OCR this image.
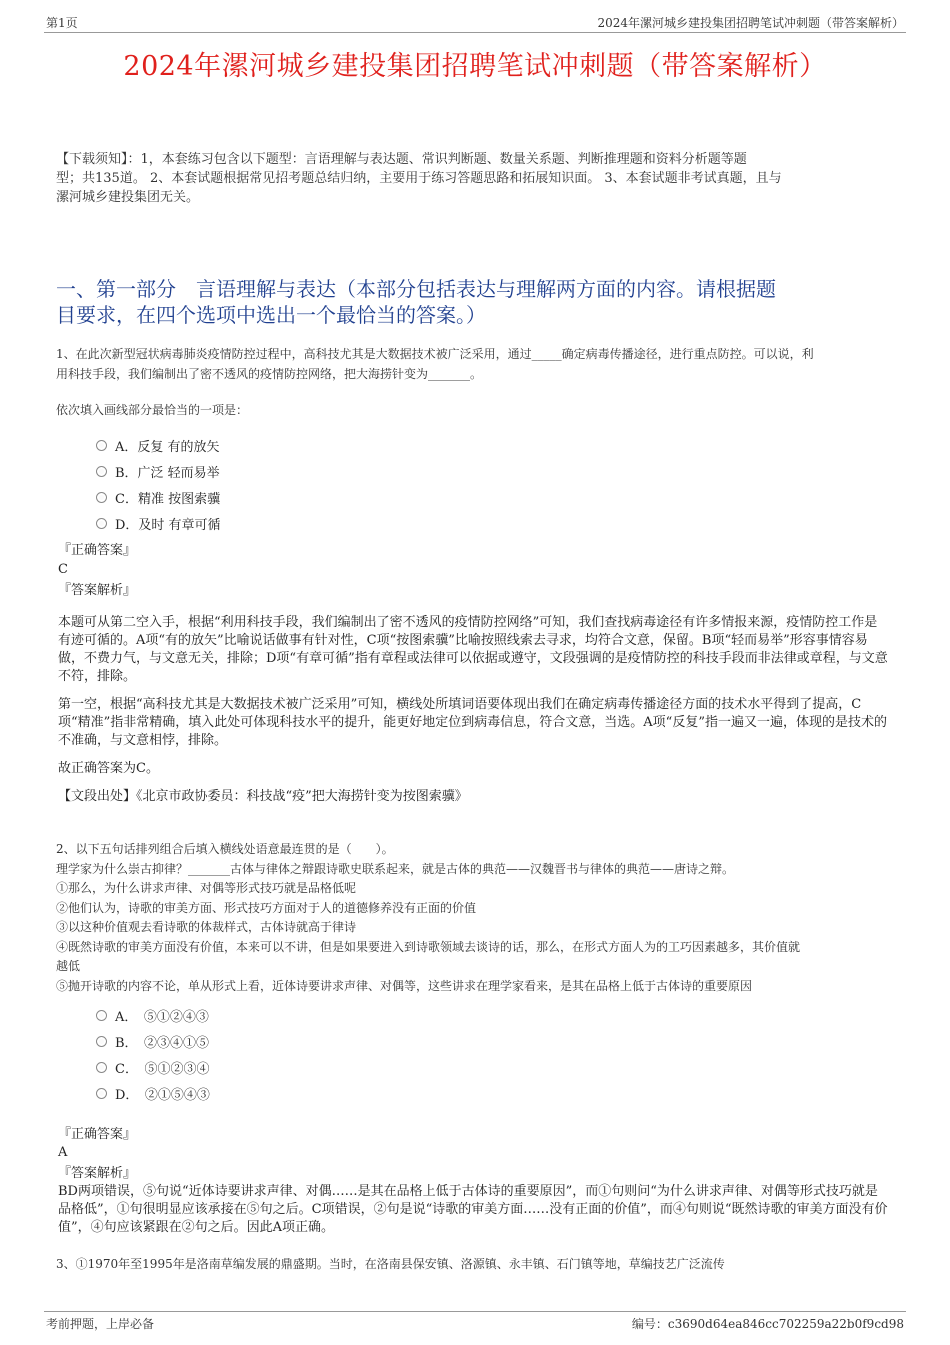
第1页	2024年漯河城乡建投集团招聘笔试冲刺题（带答案解析）
2024年漯河城乡建投集团招聘笔试冲刺题（带答案解析）
【下载须知】：1，本套练习包含以下题型：言语理解与表达题、常识判断题、数量关系题、判断推理题和资料分析题等题
型；共135道。 2、本套试题根据常见招考题总结归纳，主要用于练习答题思路和拓展知识面。 3、本套试题非考试真题，且与
漯河城乡建投集团无关。
一、第一部分　言语理解与表达（本部分包括表达与理解两方面的内容。请根据题
目要求，在四个选项中选出一个最恰当的答案。）
1、在此次新型冠状病毒肺炎疫情防控过程中，高科技尤其是大数据技术被广泛采用，通过_____确定病毒传播途径，进行重点防控。可以说，利
用科技手段，我们编制出了密不透风的疫情防控网络，把大海捞针变为_______。
依次填入画线部分最恰当的一项是：
A．反复 有的放矢
B．广泛 轻而易举
C．精准 按图索骥
D．及时 有章可循
『正确答案』
C
『答案解析』

本题可从第二空入手，根据“利用科技手段，我们编制出了密不透风的疫情防控网络”可知，我们查找病毒途径有许多情报来源，疫情防控工作是有迹可循的。A项“有的放矢”比喻说话做事有针对性，C项“按图索骥”比喻按照线索去寻求，均符合文意，保留。B项“轻而易举”形容事情容易做，不费力气，与文意无关，排除；D项“有章可循”指有章程或法律可以依据或遵守，文段强调的是疫情防控的科技手段而非法律或章程，与文意不符，排除。

第一空，根据“高科技尤其是大数据技术被广泛采用”可知，横线处所填词语要体现出我们在确定病毒传播途径方面的技术水平得到了提高，C项“精准”指非常精确，填入此处可体现科技水平的提升，能更好地定位到病毒信息，符合文意，当选。A项“反复”指一遍又一遍，体现的是技术的不准确，与文意相悖，排除。

故正确答案为C。

【文段出处】《北京市政协委员：科技战“疫”把大海捞针变为按图索骥》

2、以下五句话排列组合后填入横线处语意最连贯的是（　　）。
理学家为什么崇古抑律？_______古体与律体之辩跟诗歌史联系起来，就是古体的典范——汉魏晋书与律体的典范——唐诗之辩。
①那么，为什么讲求声律、对偶等形式技巧就是品格低呢
②他们认为，诗歌的审美方面、形式技巧方面对于人的道德修养没有正面的价值
③以这种价值观去看诗歌的体裁样式，古体诗就高于律诗
④既然诗歌的审美方面没有价值，本来可以不讲，但是如果要进入到诗歌领域去谈诗的话，那么，在形式方面人为的工巧因素越多，其价值就
越低
⑤抛开诗歌的内容不论，单从形式上看，近体诗要讲求声律、对偶等，这些讲求在理学家看来，是其在品格上低于古体诗的重要原因
A．　⑤①②④③
B．　②③④①⑤
C．　⑤①②③④
D．　②①⑤④③
『正确答案』
A
『答案解析』
BD两项错误，⑤句说“近体诗要讲求声律、对偶……是其在品格上低于古体诗的重要原因”，而①句则问“为什么讲求声律、对偶等形式技巧就是品格低”，①句很明显应该承接在⑤句之后。C项错误，②句是说“诗歌的审美方面……没有正面的价值”，而④句则说“既然诗歌的审美方面没有价值”，④句应该紧跟在②句之后。因此A项正确。
3、①1970年至1995年是洛南草编发展的鼎盛期。当时，在洛南县保安镇、洛源镇、永丰镇、石门镇等地，草编技艺广泛流传
考前押题，上岸必备	编号：c3690d64ea846cc702259a22b0f9cd98
